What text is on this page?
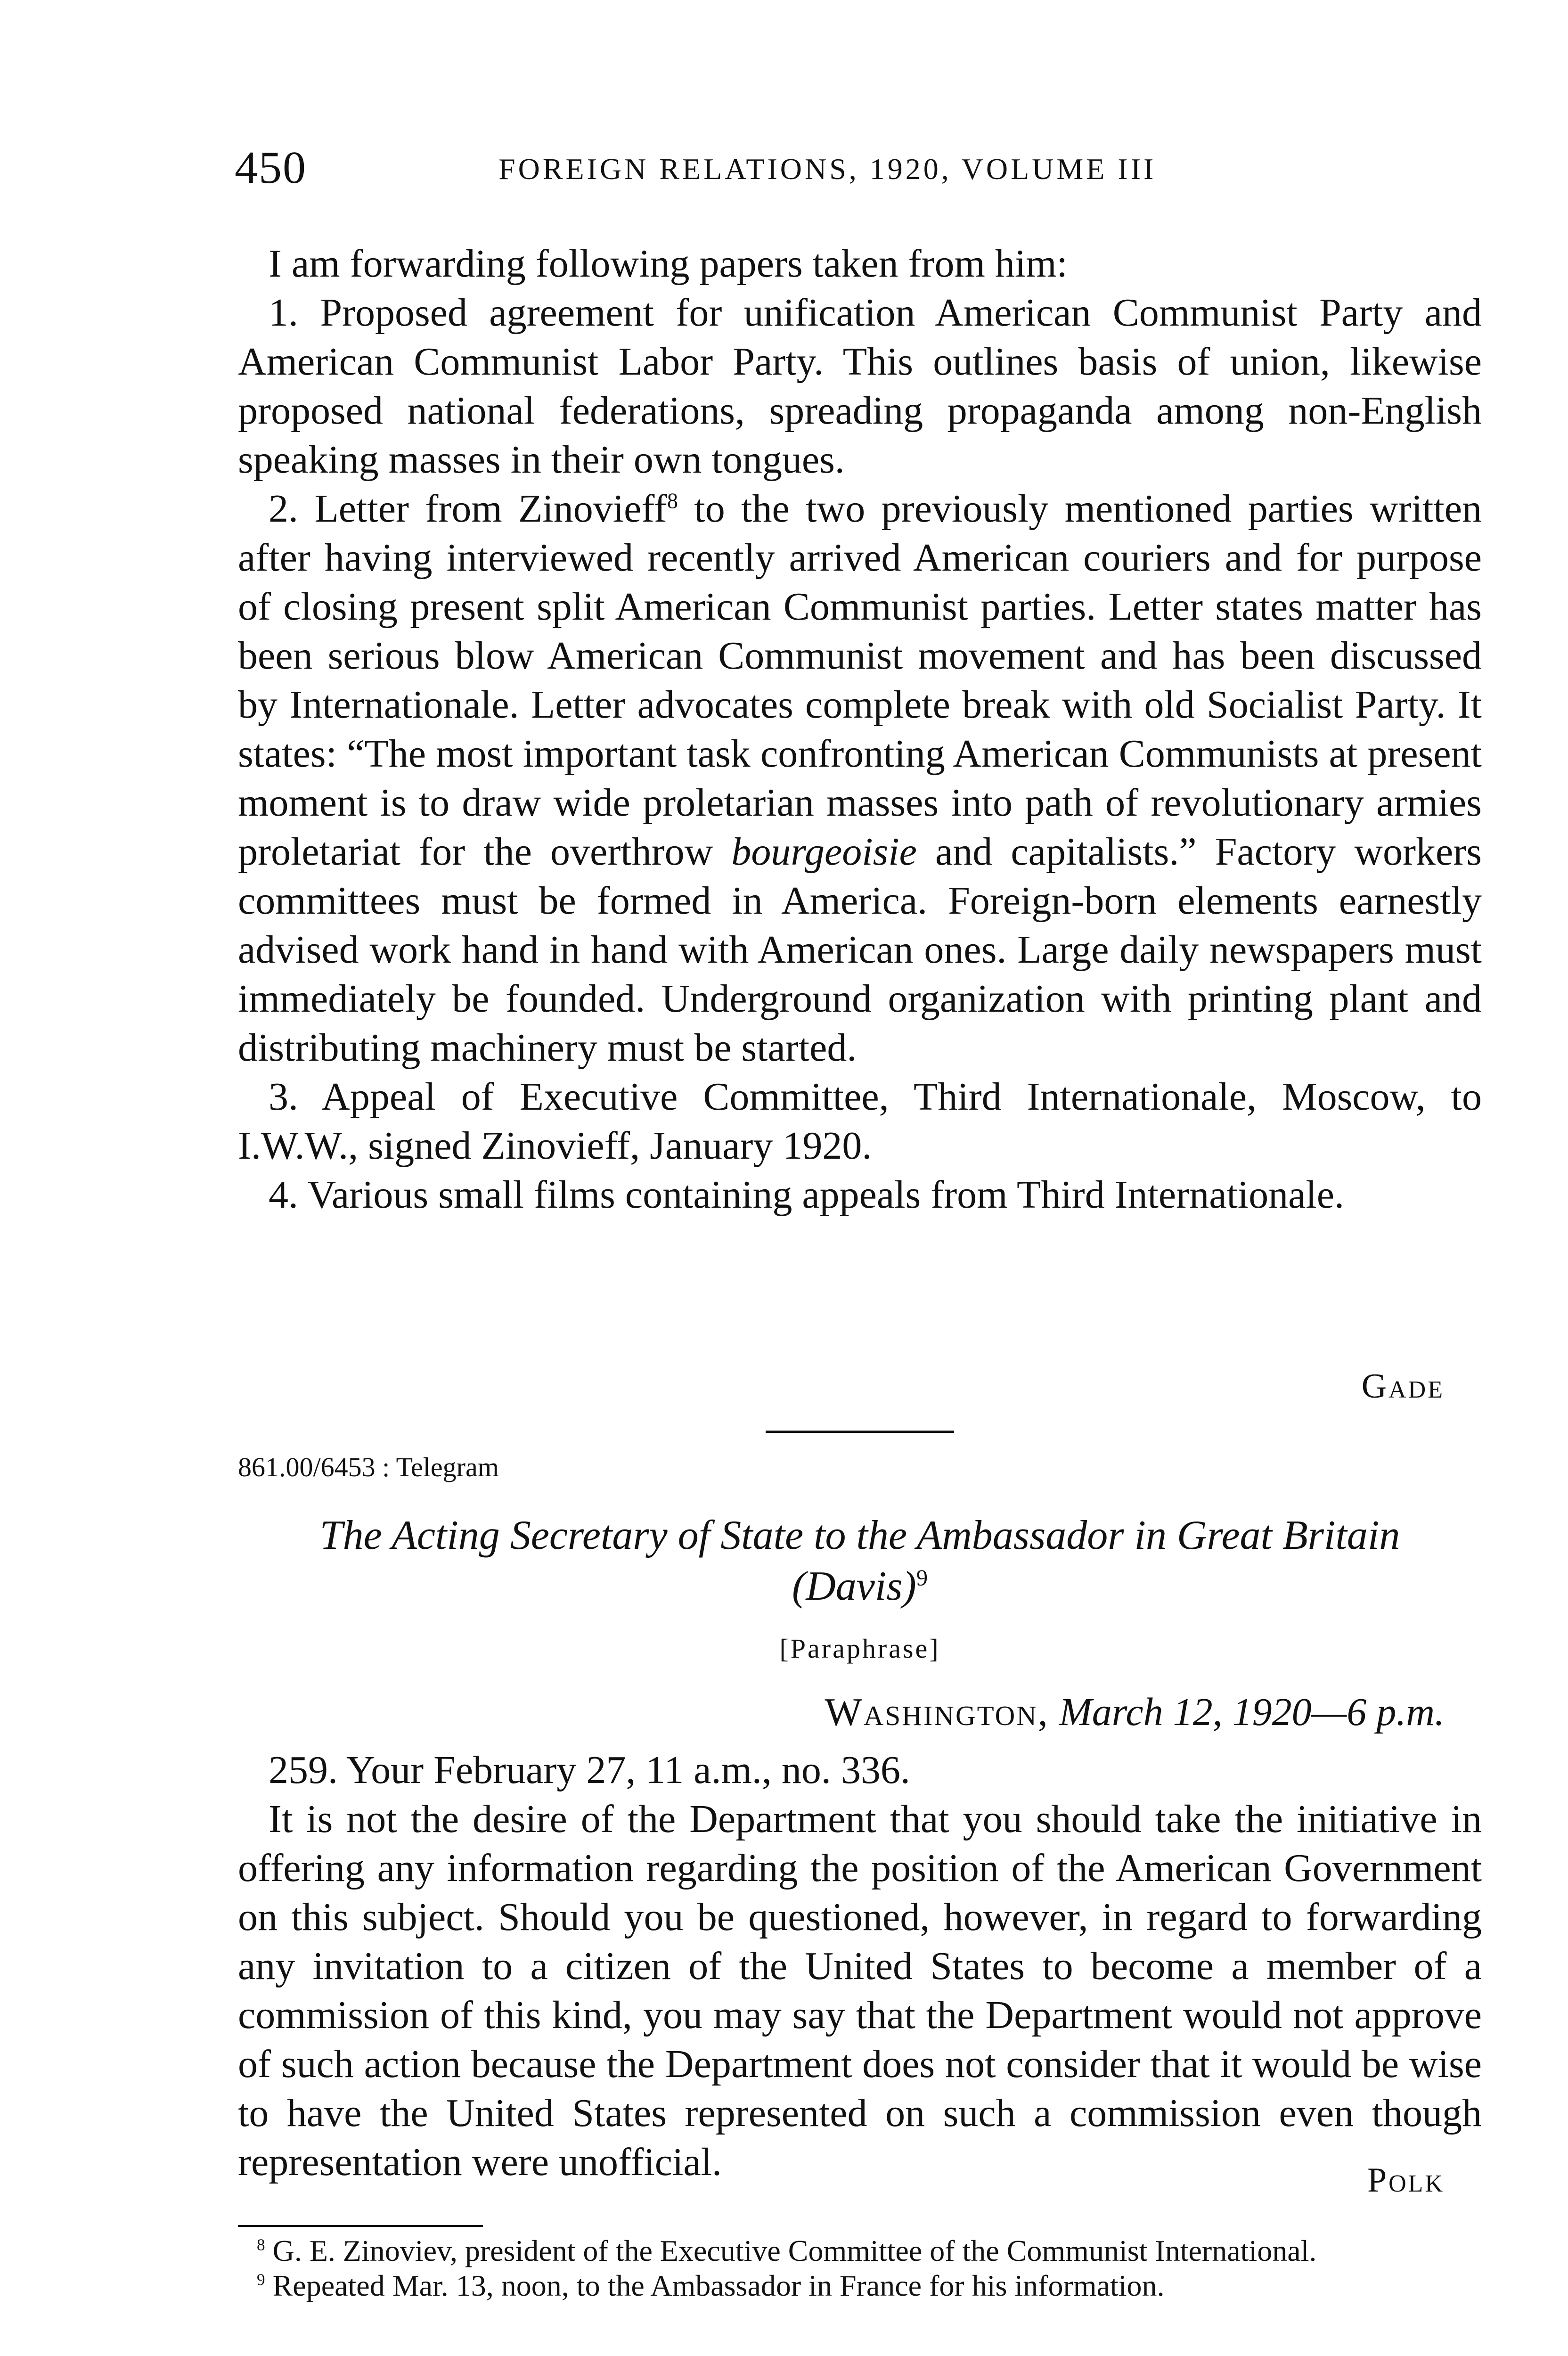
450	FOREIGN RELATIONS, 1920, VOLUME III

I am forwarding following papers taken from him:

1. Proposed agreement for unification American Communist Party and American Communist Labor Party. This outlines basis of union, likewise proposed national federations, spreading propaganda among non-English speaking masses in their own tongues.

2. Letter from Zinovieff$^8$ to the two previously mentioned parties written after having interviewed recently arrived American couriers and for purpose of closing present split American Communist parties. Letter states matter has been serious blow American Communist movement and has been discussed by Internationale. Letter advocates complete break with old Socialist Party. It states: “The most important task confronting American Communists at present moment is to draw wide proletarian masses into path of revolutionary armies proletariat for the overthrow bourgeoisie and capitalists.” Factory workers committees must be formed in America. Foreign-born elements earnestly advised work hand in hand with American ones. Large daily newspapers must immediately be founded. Underground organization with printing plant and distributing machinery must be started.

3. Appeal of Executive Committee, Third Internationale, Moscow, to I.W.W., signed Zinovieff, January 1920.

4. Various small films containing appeals from Third Internationale.

Gade
861.00/6453 : Telegram
The Acting Secretary of State to the Ambassador in Great Britain
(Davis)$^9$
[Paraphrase]
Washington, March 12, 1920—6 p.m.

259. Your February 27, 11 a.m., no. 336.

It is not the desire of the Department that you should take the initiative in offering any information regarding the position of the American Government on this subject. Should you be questioned, however, in regard to forwarding any invitation to a citizen of the United States to become a member of a commission of this kind, you may say that the Department would not approve of such action because the Department does not consider that it would be wise to have the United States represented on such a commission even though representation were unofficial.	Polk

$^8$ G. E. Zinoviev, president of the Executive Committee of the Communist International.

$^9$ Repeated Mar. 13, noon, to the Ambassador in France for his information.
